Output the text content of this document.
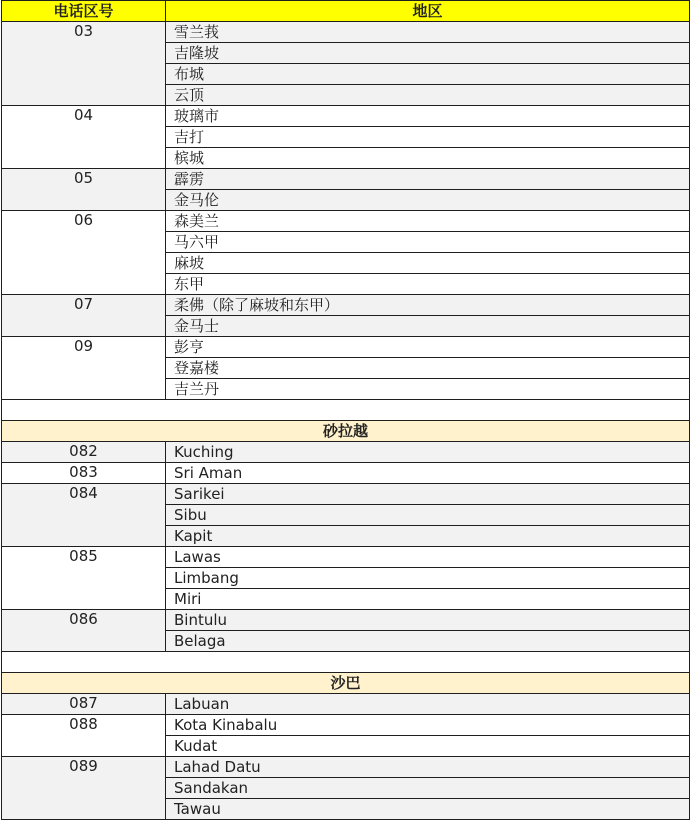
电话区号	地区
03	雪兰莪
	吉隆坡
	布城
	云顶
04	玻璃市
	吉打
	槟城
05	霹雳
	金马伦
06	森美兰
	马六甲
	麻坡
	东甲
07	柔佛（除了麻坡和东甲）
	金马士
09	彭亨
	登嘉楼
	吉兰丹

砂拉越	
082	Kuching
083	Sri Aman
084	Sarikei
	Sibu
	Kapit
085	Lawas
	Limbang
	Miri
086	Bintulu
	Belaga

沙巴	
087	Labuan
088	Kota Kinabalu
	Kudat
089	Lahad Datu
	Sandakan
	Tawau
